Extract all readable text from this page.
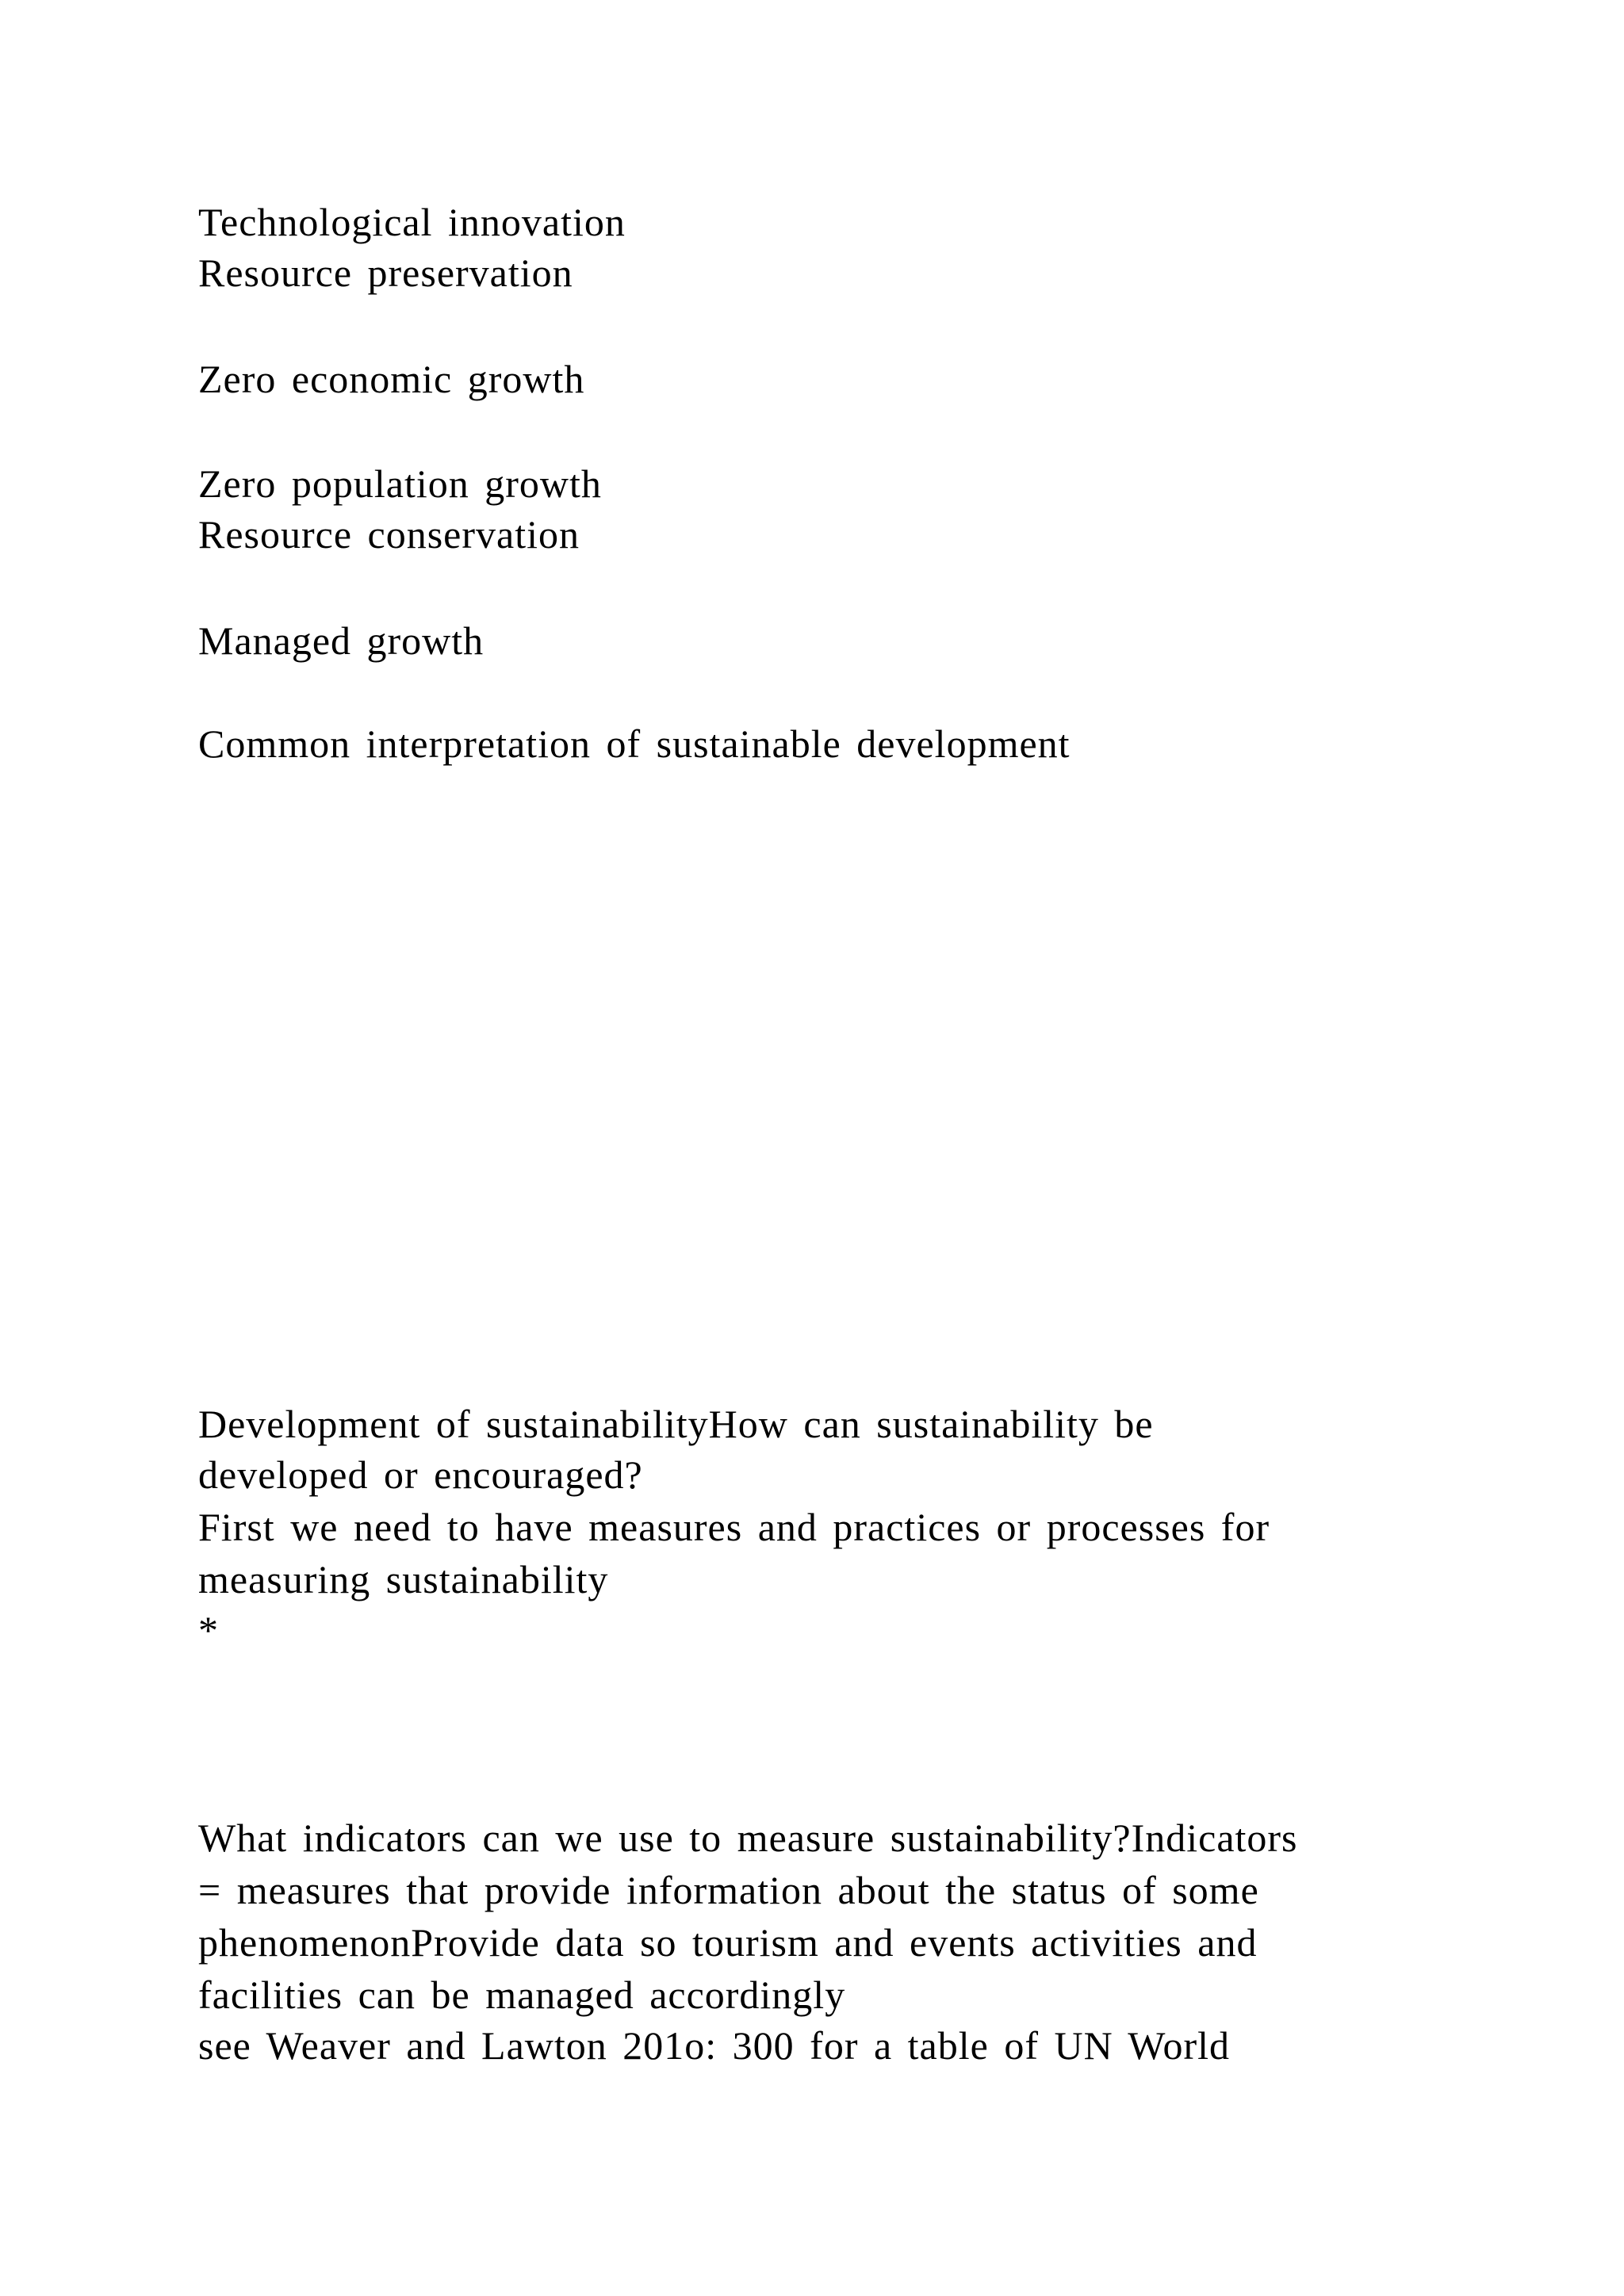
Technological innovation
Resource preservation
Zero economic growth
Zero population growth
Resource conservation
Managed growth
Common interpretation of sustainable development
Development of sustainabilityHow can sustainability be
developed or encouraged?
First we need to have measures and practices or processes for
measuring sustainability
*
What indicators can we use to measure sustainability?Indicators
= measures that provide information about the status of some
phenomenonProvide data so tourism and events activities and
facilities can be managed accordingly
see Weaver and Lawton 201o: 300 for a table of UN World
